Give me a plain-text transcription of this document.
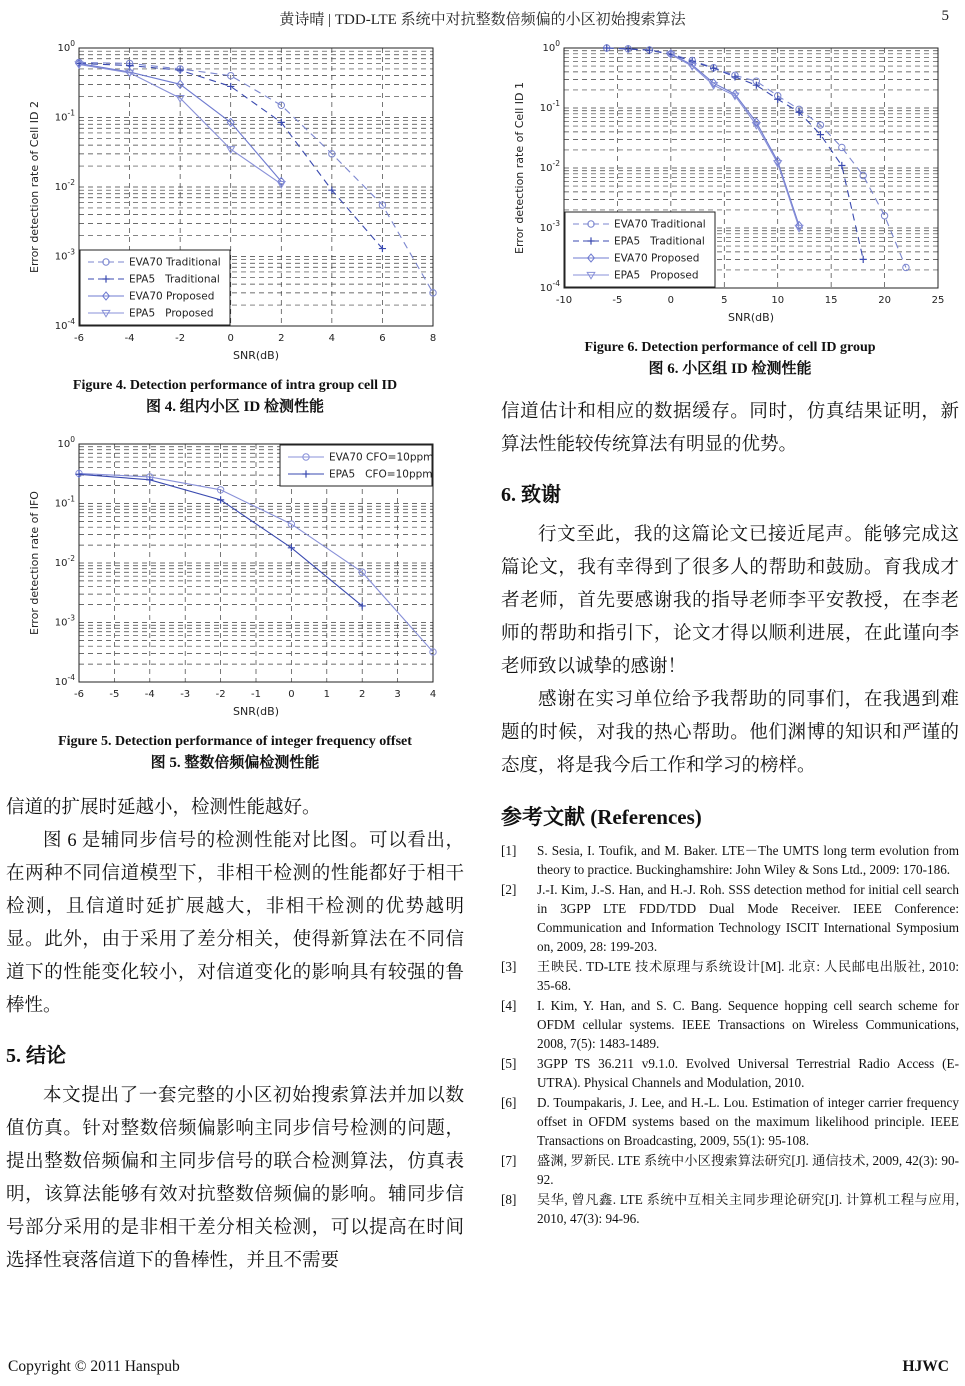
黄诗晴 | TDD-LTE 系统中对抗整数倍频偏的小区初始搜索算法	5
-6	-4	-2	0	2	4	6	8
$10^{-4}$
$10^{-3}$
$10^{-2}$
$10^{-1}$
$10^0$
SNR(dB)
Error detection rate of Cell ID 2	EVA70 Traditional
EPA5   Traditional
EVA70 Proposed
EPA5   Proposed
Figure 4. Detection performance of intra group cell ID
图 4. 组内小区 ID 检测性能
-6	-5	-4	-3	-2	-1	0	1	2	3	4
$10^{-4}$
$10^{-3}$
$10^{-2}$
$10^{-1}$
$10^0$
SNR(dB)
Error detection rate of IFO
EVA70 CFO=10ppm
EPA5   CFO=10ppm
Figure 5. Detection performance of integer frequency offset
图 5. 整数倍频偏检测性能

信道的扩展时延越小，检测性能越好。

图 6 是辅同步信号的检测性能对比图。可以看出，在两种不同信道模型下，非相干检测的性能都好于相干检测，且信道时延扩展越大，非相干检测的优势越明显。此外，由于采用了差分相关，使得新算法在不同信道下的性能变化较小，对信道变化的影响具有较强的鲁棒性。

5. 结论

本文提出了一套完整的小区初始搜索算法并加以数值仿真。针对整数倍频偏影响主同步信号检测的问题，提出整数倍频偏和主同步信号的联合检测算法，仿真表明，该算法能够有效对抗整数倍频偏的影响。辅同步信号部分采用的是非相干差分相关检测，可以提高在时间选择性衰落信道下的鲁棒性，并且不需要

-10	-5	0	5	10	15	20	25
$10^{-4}$
$10^{-3}$
$10^{-2}$
$10^{-1}$
$10^0$
SNR(dB)
Error detection rate of Cell ID 1	EVA70 Traditional
EPA5   Traditional
EVA70 Proposed
EPA5   Proposed
Figure 6. Detection performance of cell ID group
图 6. 小区组 ID 检测性能

信道估计和相应的数据缓存。同时，仿真结果证明，新算法性能较传统算法有明显的优势。

6. 致谢

行文至此，我的这篇论文已接近尾声。能够完成这篇论文，我有幸得到了很多人的帮助和鼓励。育我成才者老师，首先要感谢我的指导老师李平安教授，在李老师的帮助和指引下，论文才得以顺利进展，在此谨向李老师致以诚挚的感谢！

感谢在实习单位给予我帮助的同事们，在我遇到难题的时候，对我的热心帮助。他们渊博的知识和严谨的态度，将是我今后工作和学习的榜样。

参考文献 (References)
[1]	S. Sesia, I. Toufik, and M. Baker. LTE－The UMTS long term evolution from theory to practice. Buckinghamshire: John Wiley & Sons Ltd., 2009: 170-186.
[2]	J.-I. Kim, J.-S. Han, and H.-J. Roh. SSS detection method for initial cell search in 3GPP LTE FDD/TDD Dual Mode Receiver. IEEE Conference: Communication and Information Technology ISCIT International Symposium on, 2009, 28: 199-203.
[3]	王映民. TD-LTE 技术原理与系统设计[M]. 北京: 人民邮电出版社, 2010: 35-68.
[4]	I. Kim, Y. Han, and S. C. Bang. Sequence hopping cell search scheme for OFDM cellular systems. IEEE Transactions on Wireless Communications, 2008, 7(5): 1483-1489.
[5]	3GPP TS 36.211 v9.1.0. Evolved Universal Terrestrial Radio Access (E-UTRA). Physical Channels and Modulation, 2010.
[6]	D. Toumpakaris, J. Lee, and H.-L. Lou. Estimation of integer carrier frequency offset in OFDM systems based on the maximum likelihood principle. IEEE Transactions on Broadcasting, 2009, 55(1): 95-108.
[7]	盛渊, 罗新民. LTE 系统中小区搜索算法研究[J]. 通信技术, 2009, 42(3): 90-92.
[8]	吴华, 曾凡鑫. LTE 系统中互相关主同步理论研究[J]. 计算机工程与应用, 2010, 47(3): 94-96.
Copyright © 2011 Hanspub	HJWC
